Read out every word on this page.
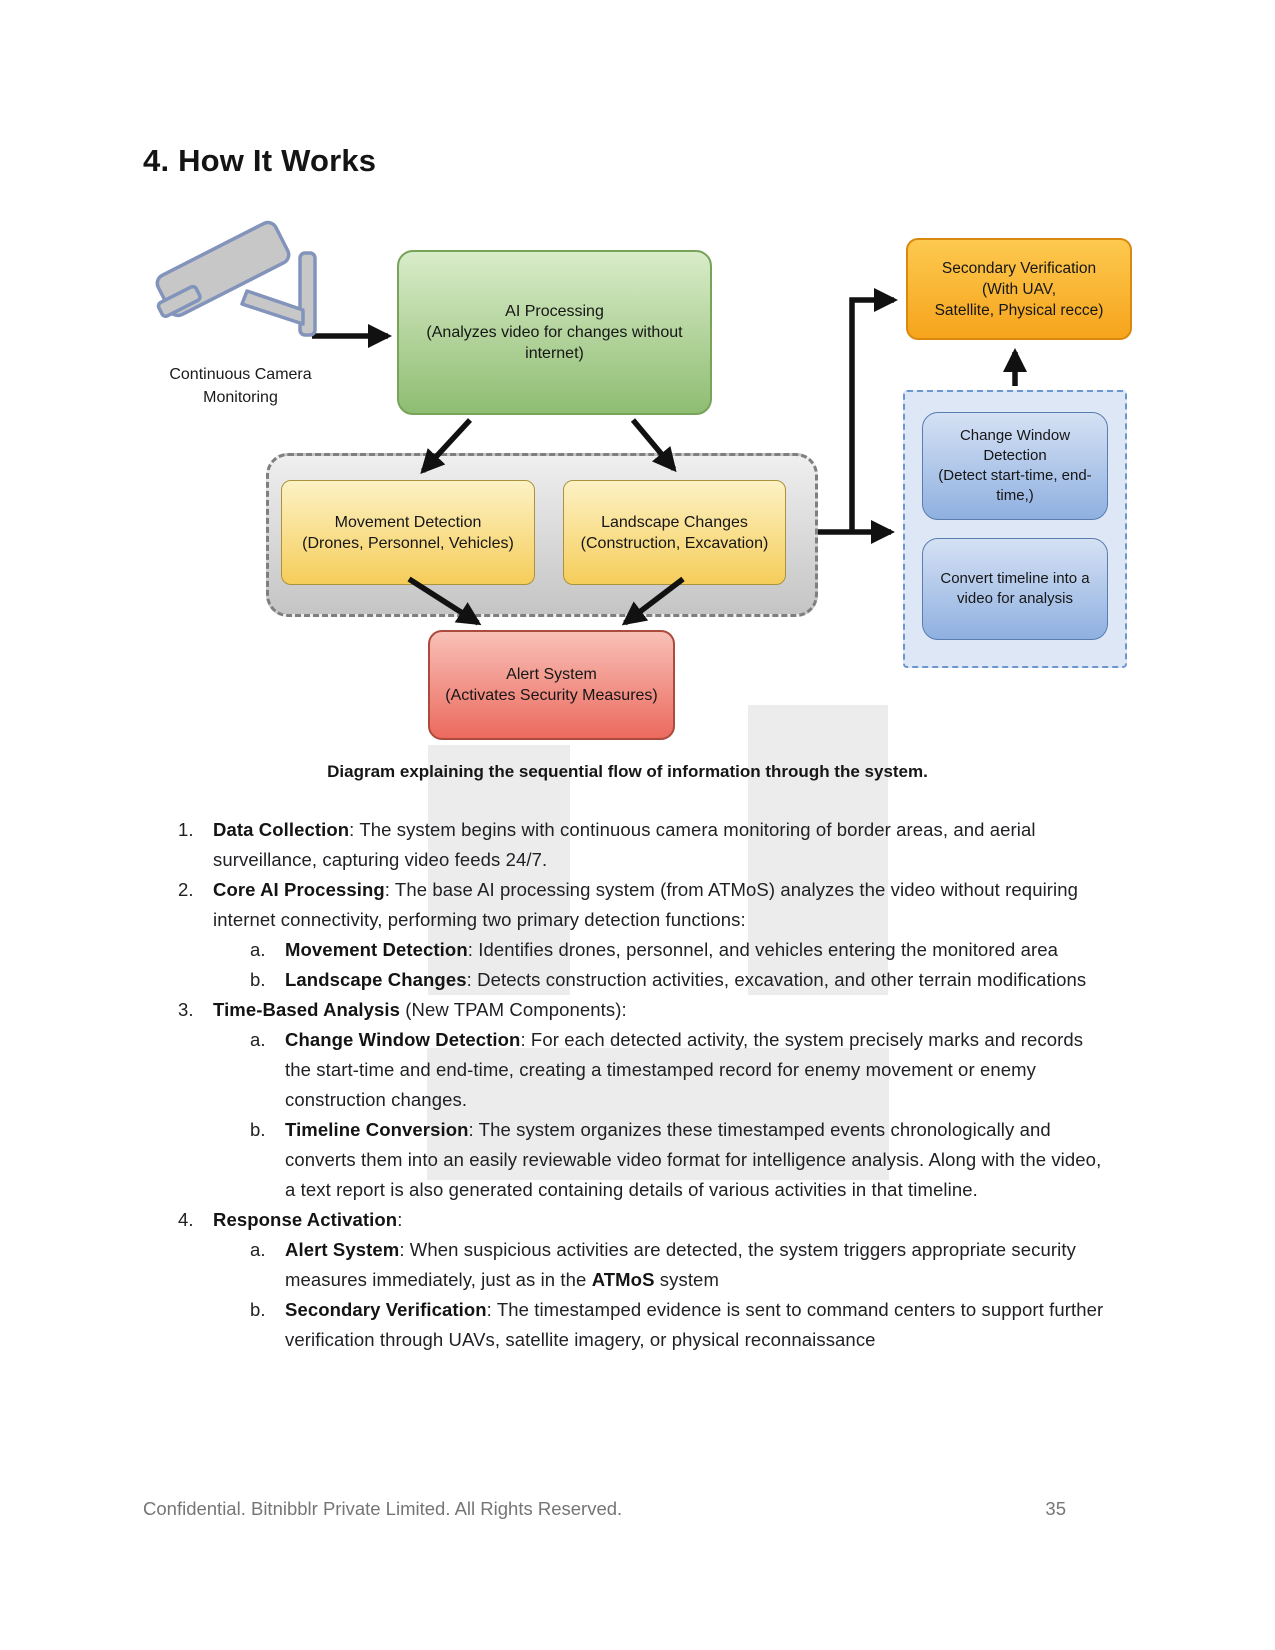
4. How It Works
AI Processing
(Analyzes video for changes without
internet)
Secondary Verification
(With UAV,
Satellite, Physical recce)
Movement Detection
(Drones, Personnel, Vehicles)
Landscape Changes
(Construction, Excavation)
Alert System
(Activates Security Measures)
Change Window
Detection
(Detect start-time, end-
time,)
Convert timeline into a
video for analysis
Continuous Camera
Monitoring
Diagram explaining the sequential flow of information through the system.
1.	Data Collection: The system begins with continuous camera monitoring of border areas, and aerial surveillance, capturing video feeds 24/7.
2.	Core AI Processing: The base AI processing system (from ATMoS) analyzes the video without requiring internet connectivity, performing two primary detection functions:
a.	Movement Detection: Identifies drones, personnel, and vehicles entering the monitored area
b.	Landscape Changes: Detects construction activities, excavation, and other terrain modifications
3.	Time-Based Analysis (New TPAM Components):
a.	Change Window Detection: For each detected activity, the system precisely marks and records the start-time and end-time, creating a timestamped record for enemy movement or enemy construction changes.
b.	Timeline Conversion: The system organizes these timestamped events chronologically and converts them into an easily reviewable video format for intelligence analysis. Along with the video, a text report is also generated containing details of various activities in that timeline.
4.	Response Activation:
a.	Alert System: When suspicious activities are detected, the system triggers appropriate security measures immediately, just as in the ATMoS system
b.	Secondary Verification: The timestamped evidence is sent to command centers to support further verification through UAVs, satellite imagery, or physical reconnaissance
Confidential. Bitnibblr Private Limited. All Rights Reserved.	35
